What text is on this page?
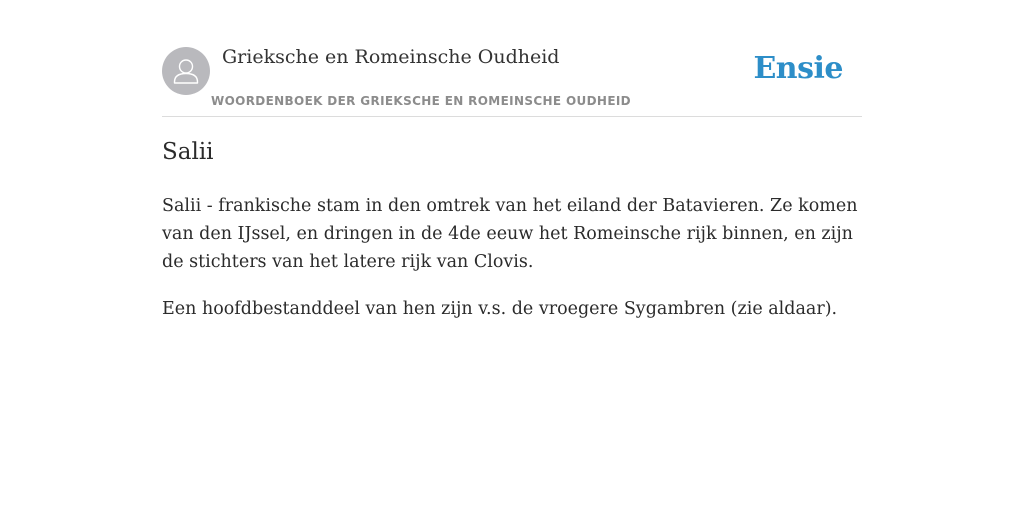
Griekschе en Romeinsche Oudheid
WOORDENBOEK DER GRIEKSCHE EN ROMEINSCHE OUDHEID
Ensie
Salii

Salii - frankische stam in den omtrek van het eiland der Batavieren. Ze komen van den IJssel, en dringen in de 4de eeuw het Romeinsche rijk binnen, en zijn de stichters van het latere rijk van Clovis.

Een hoofdbestanddeel van hen zijn v.s. de vroegere Sygambren (zie aldaar).
